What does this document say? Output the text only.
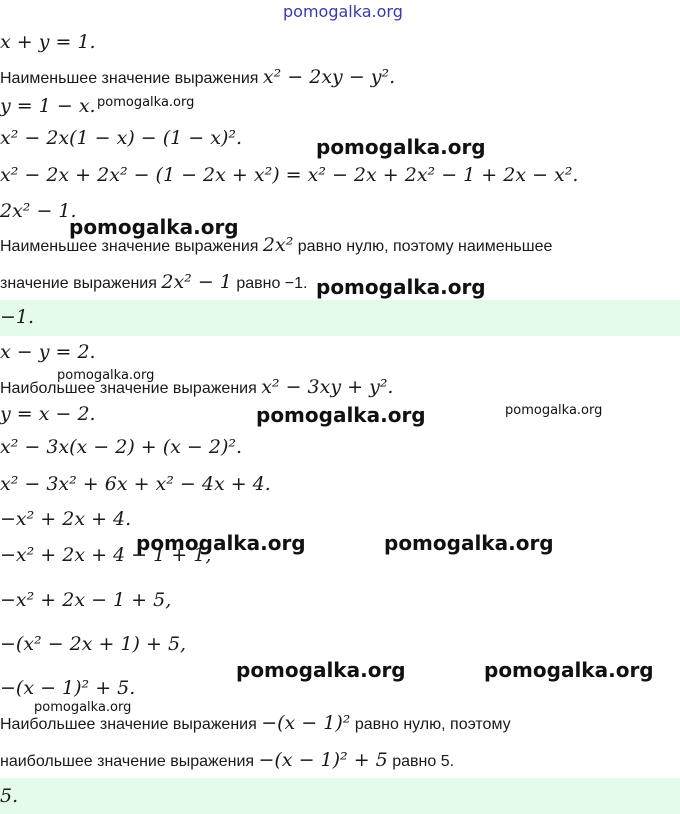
x + y = 1.
Наименьшее значение выражения x² − 2xy − y².
y = 1 − x.
x² − 2x(1 − x) − (1 − x)².
x² − 2x + 2x² − (1 − 2x + x²) = x² − 2x + 2x² − 1 + 2x − x².
2x² − 1.
Наименьшее значение выражения 2x² равно нулю, поэтому наименьшее
значение выражения 2x² − 1 равно −1.
−1.
x − y = 2.
Наибольшее значение выражения x² − 3xy + y².
y = x − 2.
x² − 3x(x − 2) + (x − 2)².
x² − 3x² + 6x + x² − 4x + 4.
−x² + 2x + 4.
−x² + 2x + 4 − 1 + 1,
−x² + 2x − 1 + 5,
−(x² − 2x + 1) + 5,
−(x − 1)² + 5.
Наибольшее значение выражения −(x − 1)² равно нулю, поэтому
наибольшее значение выражения −(x − 1)² + 5 равно 5.
5.
pomogalka.org
pomogalka.org
pomogalka.org
pomogalka.org
pomogalka.org
pomogalka.org
pomogalka.org	pomogalka.org
pomogalka.org	pomogalka.org
pomogalka.org	pomogalka.org
pomogalka.org
